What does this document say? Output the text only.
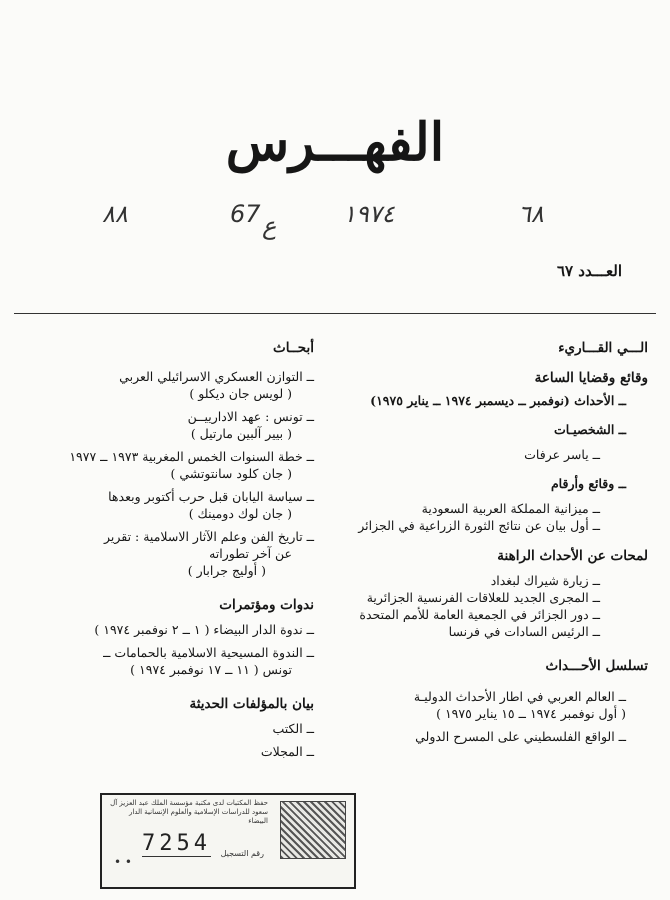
الفهـــرس
٨٨	67 ع	١٩٧٤	٦٨
العـــدد ٦٧
الـــي القـــاريء
وقائع وقضايا الساعة
ــ الأحداث (نوفمبر ــ ديسمبر ١٩٧٤ ــ يناير ١٩٧٥)
ــ الشخصيـات
ــ ياسر عرفات
ــ وقائع وأرقام
ــ ميزانية المملكة العربية السعودية
ــ أول بيان عن نتائج الثورة الزراعية في الجزائر
لمحات عن الأحداث الراهنة
ــ زيارة شيراك لبغداد
ــ المجرى الجديد للعلاقات الفرنسية الجزائرية
ــ دور الجزائر في الجمعية العامة للأمم المتحدة
ــ الرئيس السادات في فرنسا
تسلسل الأحـــداث
ــ العالم العربي في اطار الأحداث الدوليـة
( أول نوفمبر ١٩٧٤ ــ ١٥ يناير ١٩٧٥ )
ــ الواقع الفلسطيني على المسرح الدولي
أبحــاث
ــ التوازن العسكري الاسرائيلي العربي
( لويس جان ديكلو )
ــ تونس : عهد الادارييــن
( بيير آلبين مارتيل )
ــ خطة السنوات الخمس المغربية ١٩٧٣ ــ ١٩٧٧
( جان كلود سانتوتشي )
ــ سياسة اليابان قبل حرب أكتوبر وبعدها
( جان لوك دومينك )
ــ تاريخ الفن وعلم الآثار الاسلامية : تقرير
عن آخر تطوراته
( أوليج جرابار )
ندوات ومؤتمرات
ــ ندوة الدار البيضاء ( ١ ــ ٢ نوفمبر ١٩٧٤ )
ــ الندوة المسيحية الاسلامية بالحمامات ــ
تونس ( ١١ ــ ١٧ نوفمبر ١٩٧٤ )
بيان بالمؤلفات الحديثة
ــ الكتب
ــ المجلات
حفظ المكتبات لدى مكتبة مؤسسة الملك عبد العزيز آل سعود للدراسات الإسلامية والعلوم الإنسانية الدار البيضاء
رقم التسجيل
7254
• •
